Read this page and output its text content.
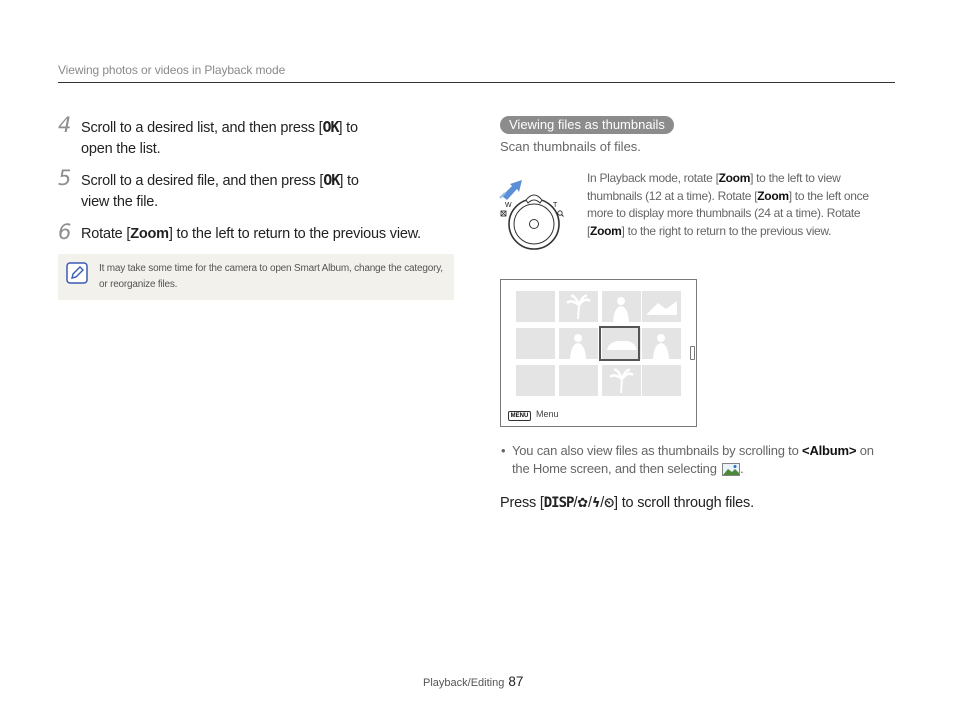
Viewing photos or videos in Playback mode
4 Scroll to a desired list, and then press [OK] to
open the list.
5 Scroll to a desired file, and then press [OK] to
view the file.
6 Rotate [Zoom] to the left to return to the previous view.
It may take some time for the camera to open Smart Album, change the category, or reorganize files.
Viewing files as thumbnails
Scan thumbnails of files.
W	T
In Playback mode, rotate [Zoom] to the left to view thumbnails (12 at a time). Rotate [Zoom] to the left once more to display more thumbnails (24 at a time). Rotate [Zoom] to the right to return to the previous view.
MENU Menu
• You can also view files as thumbnails by scrolling to <Album> on the Home screen, and then selecting .
Press [DISP/✿/ϟ/⏲] to scroll through files.
Playback/Editing 87
